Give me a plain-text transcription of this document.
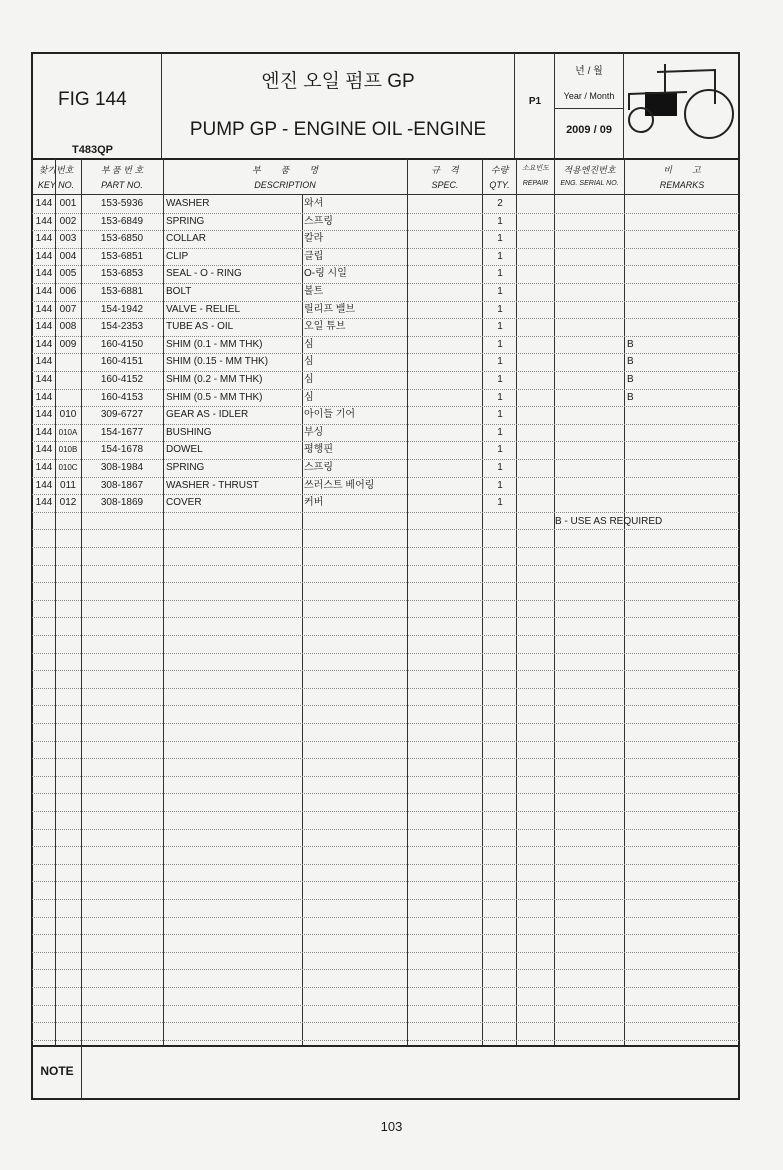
FIG 144
T483QP
엔진 오일 펌프 GP
PUMP GP - ENGINE OIL -ENGINE
P1
년 / 월
Year / Month
2009 / 09
찾기번호
KEY NO.
부 품 번 호
PART NO.
부        품        명
DESCRIPTION
규    격
SPEC.
수량
QTY.
소요빈도
REPAIR
적용엔진번호
ENG. SERIAL NO.
비        고
REMARKS
144 001	153-5936	WASHER	와셔	2
144 002	153-6849	SPRING	스프링	1
144 003	153-6850	COLLAR	칼라	1
144 004	153-6851	CLIP	클립	1
144 005	153-6853	SEAL - O - RING	O-링 시일	1
144 006	153-6881	BOLT	볼트	1
144 007	154-1942	VALVE - RELIEL	릴리프 밸브	1
144 008	154-2353	TUBE AS - OIL	오일 튜브	1
144 009	160-4150	SHIM (0.1 - MM THK)	심	1	B
144	160-4151	SHIM (0.15 - MM THK)	심	1	B
144	160-4152	SHIM (0.2 - MM THK)	심	1	B
144	160-4153	SHIM (0.5 - MM THK)	심	1	B
144 010	309-6727	GEAR AS - IDLER	아이들 기어	1
144 010A	154-1677	BUSHING	부싱	1
144 010B	154-1678	DOWEL	평행핀	1
144 010C	308-1984	SPRING	스프링	1
144 011	308-1867	WASHER - THRUST	쓰러스트 베어링	1
144 012	308-1869	COVER	커버	1
B - USE AS REQUIRED
NOTE
103
